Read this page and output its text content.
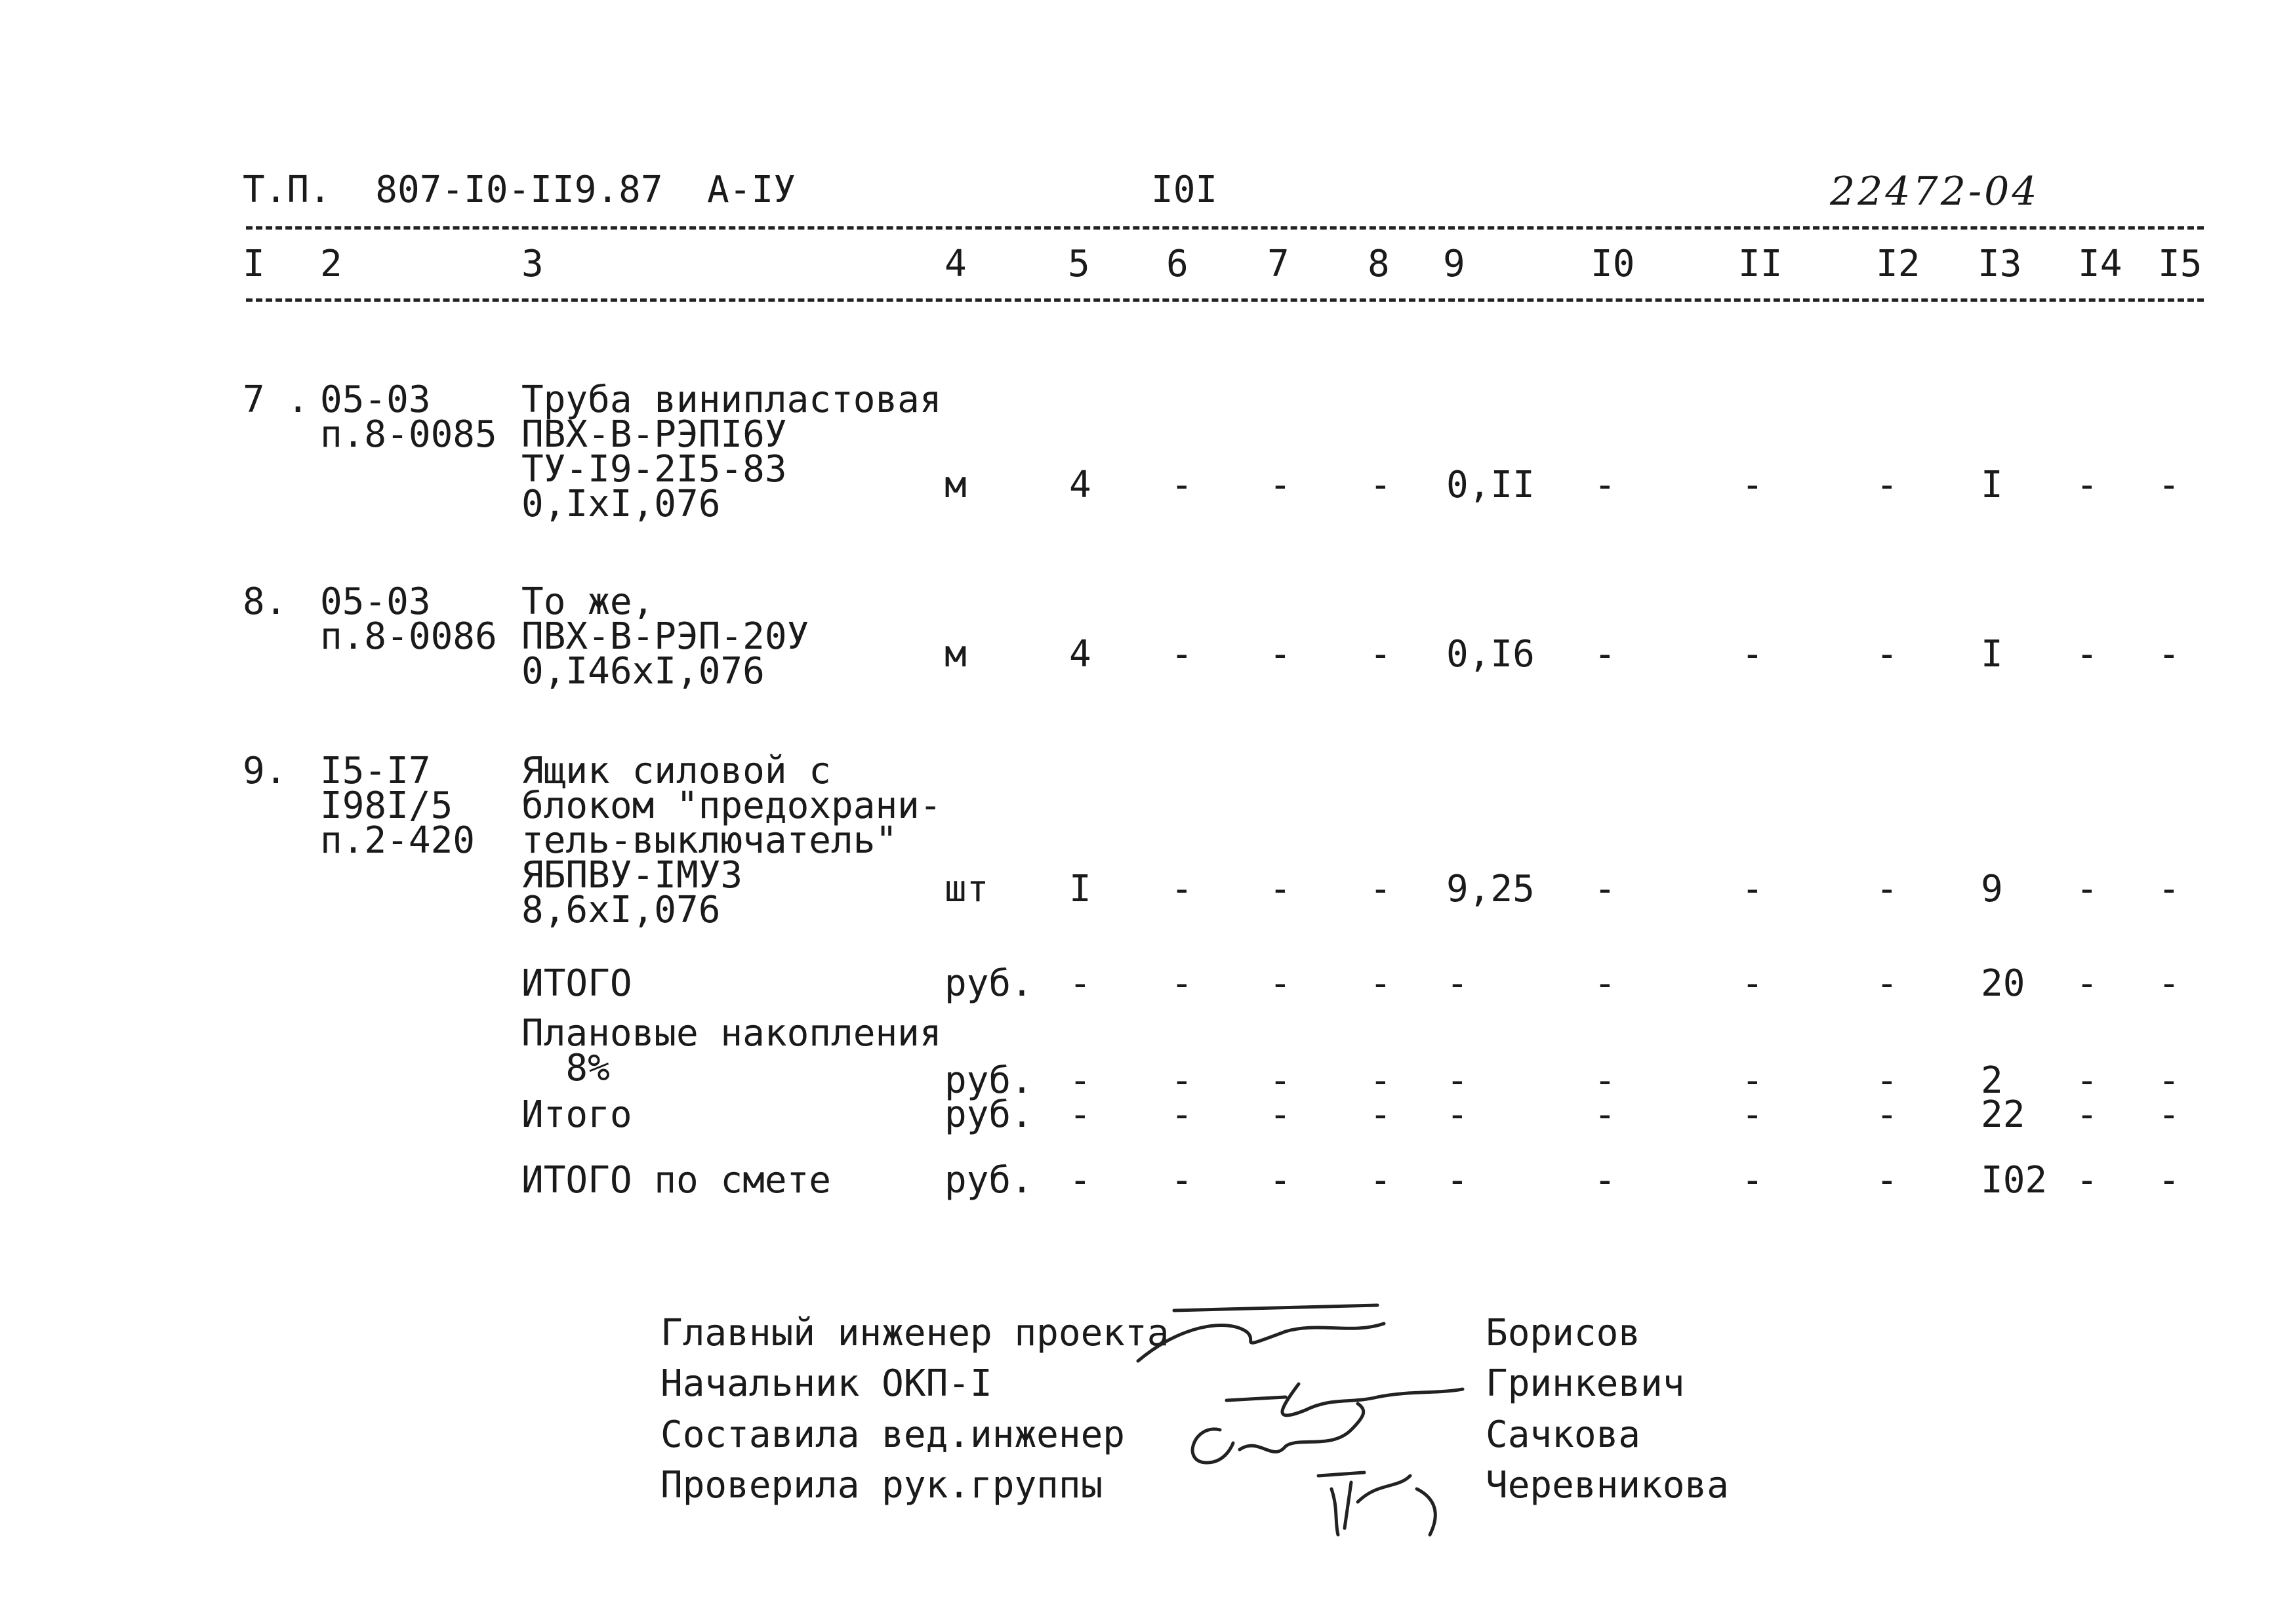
Т.П.  807-I0-II9.87  А-IУ	I0I	22472-04
I 2	3	4	5 6 7 8 9	I0	II	I2 I3 I4 I5
7 . 05-03
п.8-0085
Труба винипластовая
ПВХ-В-РЭПI6У
ТУ-I9-2I5-83
0,IxI,076	м	4 - - - 0,II -	-	- I - -
8. 05-03
п.8-0086
То же,
ПВХ-В-РЭП-20У
0,I46xI,076	м	4 - - - 0,I6 -	-	- I - -
9. I5-I7
I98I/5
п.2-420
Ящик силовой с
блоком "предохрани-
тель-выключатель"
ЯБПВУ-IМУЗ
8,6xI,076	шт I - - - 9,25 -	-	- 9 - -
ИТОГО	руб. - - - - -	-	-	- 20 - -
Плановые накопления
8%	руб. - - - - -	-	-	- 2 - -
Итого	руб. - - - - -	-	-	- 22 - -
ИТОГО по смете	руб. - - - - -	-	-	- I02 - -
Главный инженер проекта	Борисов
Начальник ОКП-I	Гринкевич
Составила вед.инженер	Сачкова
Проверила рук.группы	Черевникова
